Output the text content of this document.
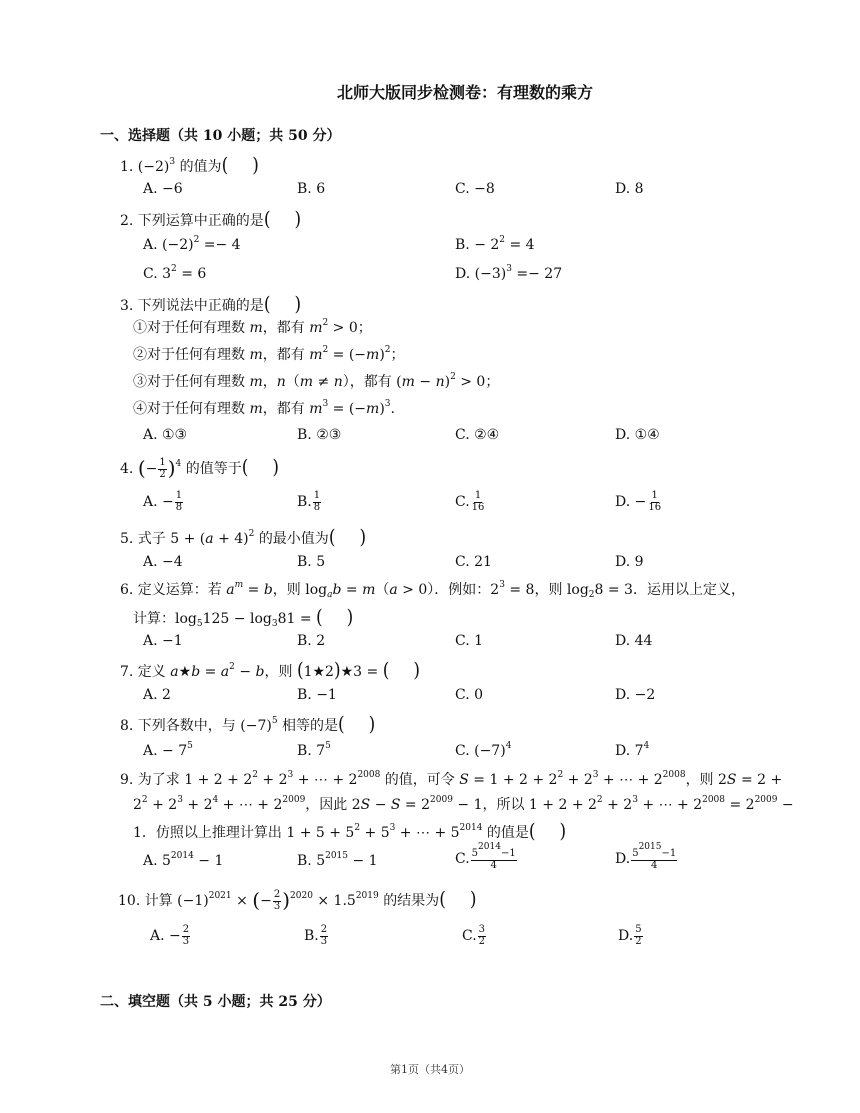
北师大版同步检测卷：有理数的乘方
一、选择题（共 10 小题；共 50 分）
1. $(-2)^3$ 的值为( )
A. −6	B. 6	C. −8	D. 8
2. 下列运算中正确的是( )
A. $(-2)^2 =- 4$	B. − $2^2 = 4$
C. $3^2 = 6$	D. $(-3)^3 =- 27$
3. 下列说法中正确的是( )
①对于任何有理数 m，都有 $m^2 > 0$；
②对于任何有理数 m，都有 $m^2 = (-m)^2$；
③对于任何有理数 m，n（m ≠ n），都有 $(m - n)^2 > 0$；
④对于任何有理数 m，都有 $m^3 = (-m)^3$.
A. ①③	B. ②③	C. ②④	D. ①④
4. (− $\frac{1}{2} )^4$ 的值等于( )
A. − $\frac{1}{8}$	B. $\frac{1}{8}$	C. $\frac{1}{16}$	D. − $\frac{1}{16}$
5. 式子 $5 + (a + 4)^2$ 的最小值为( )
A. −4	B. 5	C. 21	D. 9
6. 定义运算：若 $a^m = b$，则 $\log_ab = m(a > 0)$．例如：$2^3 = 8$，则 $\log_28 = 3$．运用以上定义，
计算：$\log_5125 - \log_381$ = ( )
A. −1	B. 2	C. 1	D. 44
7. 定义 a★b = $a^2 - b$，则 (1★2)★3 = ( )
A. 2	B. −1	C. 0	D. −2
8. 下列各数中，与 $(-7)^5$ 相等的是( )
A. − $7^5$	B. $7^5$	C. $(-7)^4$	D. $7^4$
9. 为了求 $1 + 2 + 2^2 + 2^3$ + ⋯ + $2^{2008}$ 的值，可令 $S = 1 + 2 + 2^2 + 2^3$ + ⋯ + $2^{2008}$，则 2S = 2 +
$2^2 + 2^3 + 2^4$ + ⋯ + $2^{2009}$，因此 $2S - S = 2^{2009} - 1$，所以 $1 + 2 + 2^2 + 2^3$ + ⋯ + $2^{2008} = 2^{2009}$ −
1．仿照以上推理计算出 $1 + 5 + 5^2 + 5^3$ + ⋯ + $5^{2014}$ 的值是( )
A. $5^{2014} - 1$	B. $5^{2015} - 1$	C. $\frac{5^{2014}-1}{4}$	D. $\frac{5^{2015}-1}{4}$
10. 计算 $(-1)^{2021}$ × (− $\frac{2}{3} )^{2020} \times 1.5^{2019}$ 的结果为( )
A. − $\frac{2}{3}$	B. $\frac{2}{3}$	C. $\frac{3}{2}$	D. $\frac{5}{2}$
二、填空题（共 5 小题；共 25 分）
第1页（共4页）
